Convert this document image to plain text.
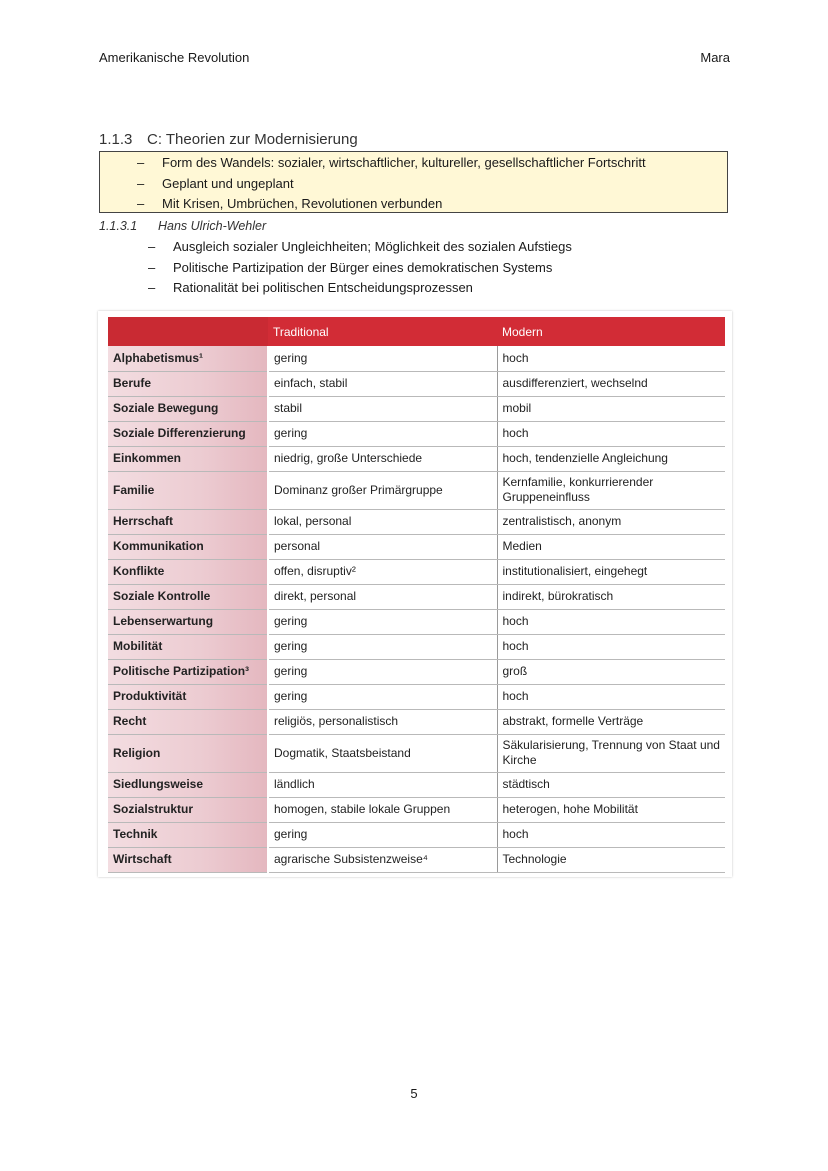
Amerikanische Revolution	Mara
1.1.3 C: Theorien zur Modernisierung
– Form des Wandels: sozialer, wirtschaftlicher, kultureller, gesellschaftlicher Fortschritt
– Geplant und ungeplant
– Mit Krisen, Umbrüchen, Revolutionen verbunden
1.1.3.1 Hans Ulrich-Wehler
– Ausgleich sozialer Ungleichheiten; Möglichkeit des sozialen Aufstiegs
– Politische Partizipation der Bürger eines demokratischen Systems
– Rationalität bei politischen Entscheidungsprozessen
	Traditional	Modern
Alphabetismus¹	gering	hoch
Berufe	einfach, stabil	ausdifferenziert, wechselnd
Soziale Bewegung	stabil	mobil
Soziale Differenzierung	gering	hoch
Einkommen	niedrig, große Unterschiede	hoch, tendenzielle Angleichung
Familie	Dominanz großer Primärgruppe	Kernfamilie, konkurrierender Gruppeneinfluss
Herrschaft	lokal, personal	zentralistisch, anonym
Kommunikation	personal	Medien
Konflikte	offen, disruptiv²	institutionalisiert, eingehegt
Soziale Kontrolle	direkt, personal	indirekt, bürokratisch
Lebenserwartung	gering	hoch
Mobilität	gering	hoch
Politische Partizipation³	gering	groß
Produktivität	gering	hoch
Recht	religiös, personalistisch	abstrakt, formelle Verträge
Religion	Dogmatik, Staatsbeistand	Säkularisierung, Trennung von Staat und Kirche
Siedlungsweise	ländlich	städtisch
Sozialstruktur	homogen, stabile lokale Gruppen	heterogen, hohe Mobilität
Technik	gering	hoch
Wirtschaft	agrarische Subsistenzweise⁴	Technologie
5
